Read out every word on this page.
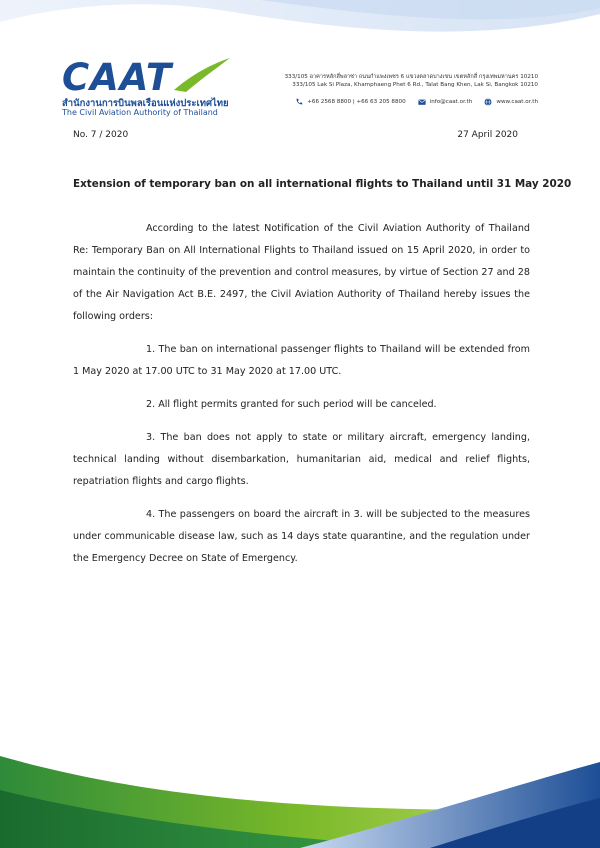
CAAT
สำนักงานการบินพลเรือนแห่งประเทศไทย
The Civil Aviation Authority of Thailand
333/105 อาคารหลักสี่พลาซ่า ถนนกำแพงเพชร 6 แขวงตลาดบางเขน เขตหลักสี่ กรุงเทพมหานคร 10210
333/105 Lak Si Plaza, Khamphaeng Phet 6 Rd., Talat Bang Khen, Lak Si, Bangkok 10210
+66 2568 8800 | +66 63 205 8800	info@caat.or.th	www.caat.or.th
No. 7 / 2020	27 April 2020
Extension of temporary ban on all international flights to Thailand until 31 May 2020

According to the latest Notification of the Civil Aviation Authority of Thailand Re: Temporary Ban on All International Flights to Thailand issued on 15 April 2020, in order to maintain the continuity of the prevention and control measures, by virtue of Section 27 and 28 of the Air Navigation Act B.E. 2497, the Civil Aviation Authority of Thailand hereby issues the following orders:

1. The ban on international passenger flights to Thailand will be extended from 1 May 2020 at 17.00 UTC to 31 May 2020 at 17.00 UTC.

2. All flight permits granted for such period will be canceled.

3. The ban does not apply to state or military aircraft, emergency landing, technical landing without disembarkation, humanitarian aid, medical and relief flights, repatriation flights and cargo flights.

4. The passengers on board the aircraft in 3. will be subjected to the measures under communicable disease law, such as 14 days state quarantine, and the regulation under the Emergency Decree on State of Emergency.
